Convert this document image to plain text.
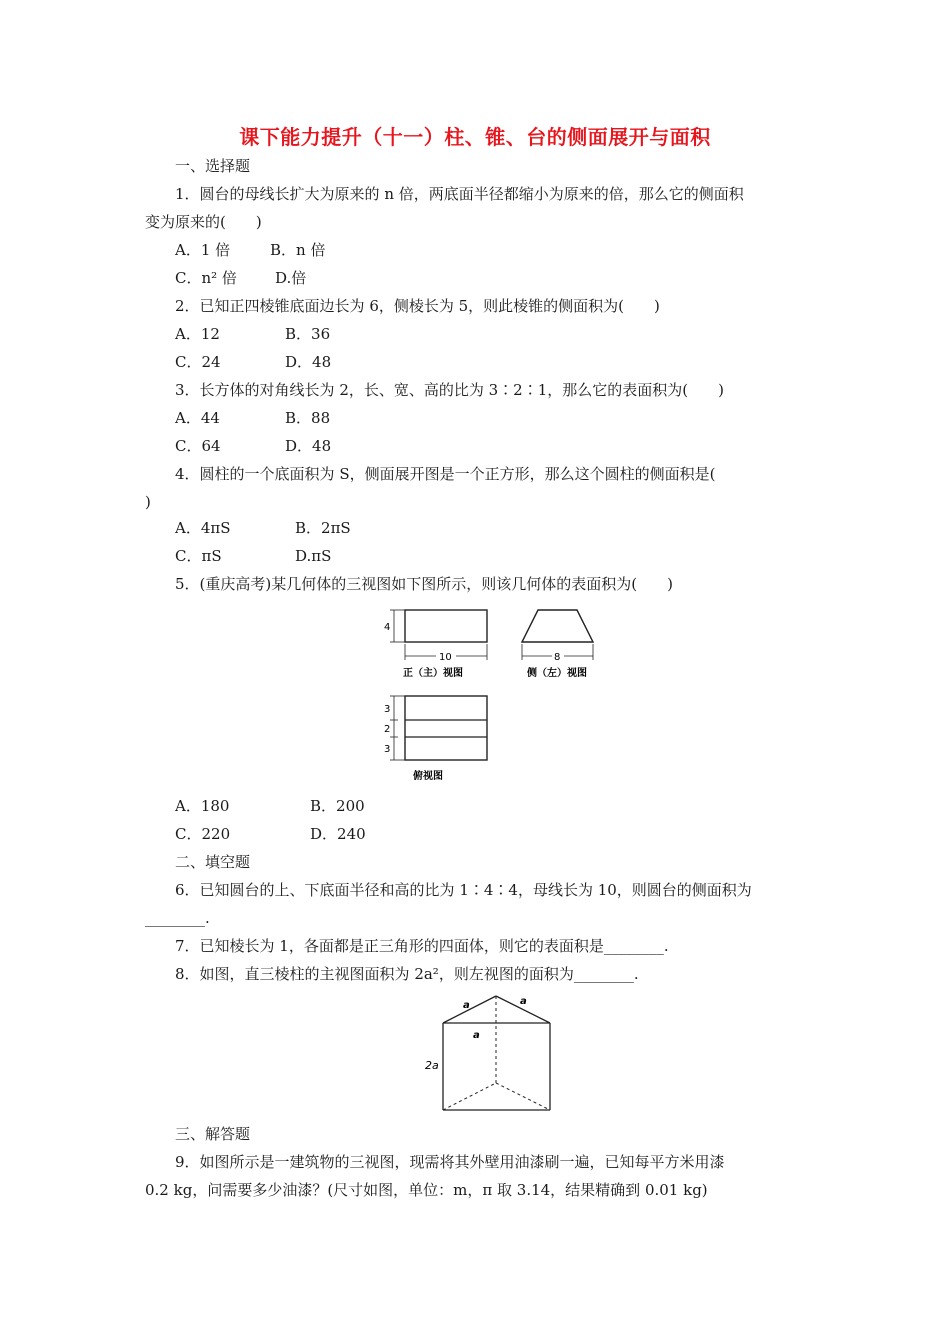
课下能力提升（十一）柱、锥、台的侧面展开与面积
一、选择题
1．圆台的母线长扩大为原来的 n 倍，两底面半径都缩小为原来的倍，那么它的侧面积
变为原来的(　　)
A．1 倍	B．n 倍
C．n² 倍	D.倍
2．已知正四棱锥底面边长为 6，侧棱长为 5，则此棱锥的侧面积为(　　)
A．12	B．36
C．24	D．48
3．长方体的对角线长为 2，长、宽、高的比为 3∶2∶1，那么它的表面积为(　　)
A．44	B．88
C．64	D．48
4．圆柱的一个底面积为 S，侧面展开图是一个正方形，那么这个圆柱的侧面积是(
)
A．4πS	B．2πS
C．πS	D.πS
5．(重庆高考)某几何体的三视图如下图所示，则该几何体的表面积为(　　)
4
10
正（主）视图
8
侧（左）视图
3
2
3
俯视图
A．180	B．200
C．220	D．240
二、填空题
6．已知圆台的上、下底面半径和高的比为 1∶4∶4，母线长为 10，则圆台的侧面积为
________.
7．已知棱长为 1，各面都是正三角形的四面体，则它的表面积是________.
8．如图，直三棱柱的主视图面积为 2a²，则左视图的面积为________.
a	a
a
2a
三、解答题
9．如图所示是一建筑物的三视图，现需将其外壁用油漆刷一遍，已知每平方米用漆
0.2 kg，问需要多少油漆？(尺寸如图，单位：m，π 取 3.14，结果精确到 0.01 kg)
